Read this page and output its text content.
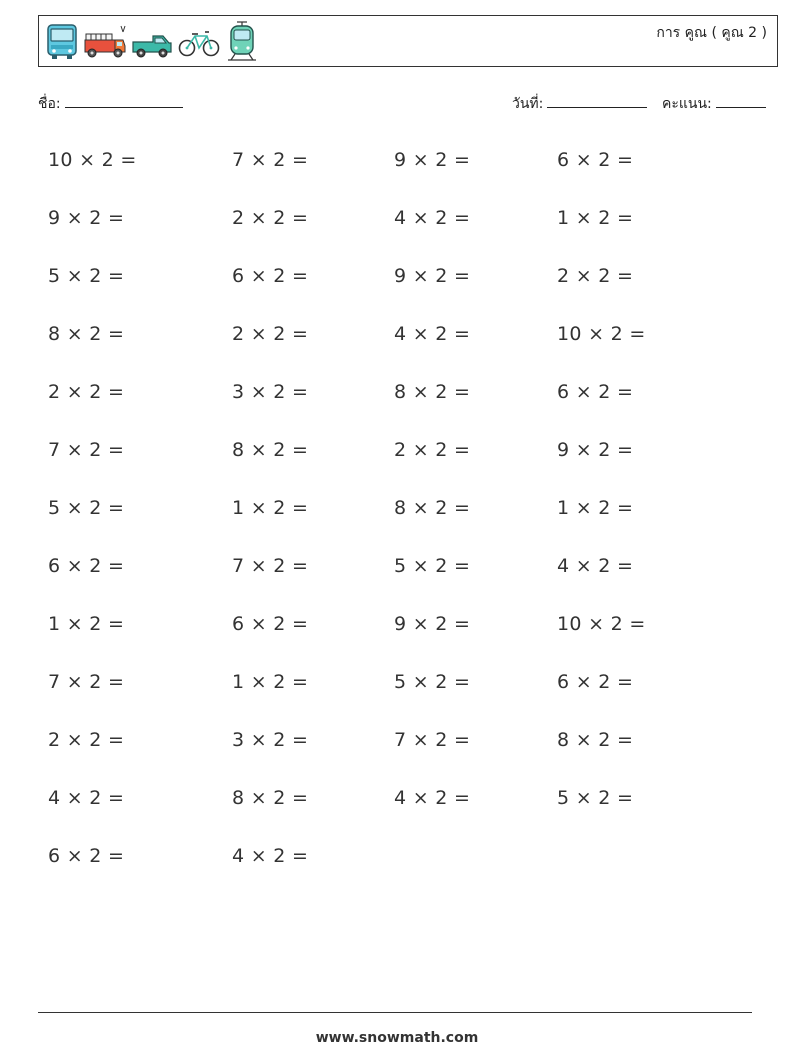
การ คูณ ( คูณ 2 )
ชื่อ:	วันที่:	คะแนน:
10 × 2 =	7 × 2 =	9 × 2 =	6 × 2 =
9 × 2 =	2 × 2 =	4 × 2 =	1 × 2 =
5 × 2 =	6 × 2 =	9 × 2 =	2 × 2 =
8 × 2 =	2 × 2 =	4 × 2 =	10 × 2 =
2 × 2 =	3 × 2 =	8 × 2 =	6 × 2 =
7 × 2 =	8 × 2 =	2 × 2 =	9 × 2 =
5 × 2 =	1 × 2 =	8 × 2 =	1 × 2 =
6 × 2 =	7 × 2 =	5 × 2 =	4 × 2 =
1 × 2 =	6 × 2 =	9 × 2 =	10 × 2 =
7 × 2 =	1 × 2 =	5 × 2 =	6 × 2 =
2 × 2 =	3 × 2 =	7 × 2 =	8 × 2 =
4 × 2 =	8 × 2 =	4 × 2 =	5 × 2 =
6 × 2 =	4 × 2 =
www.snowmath.com
